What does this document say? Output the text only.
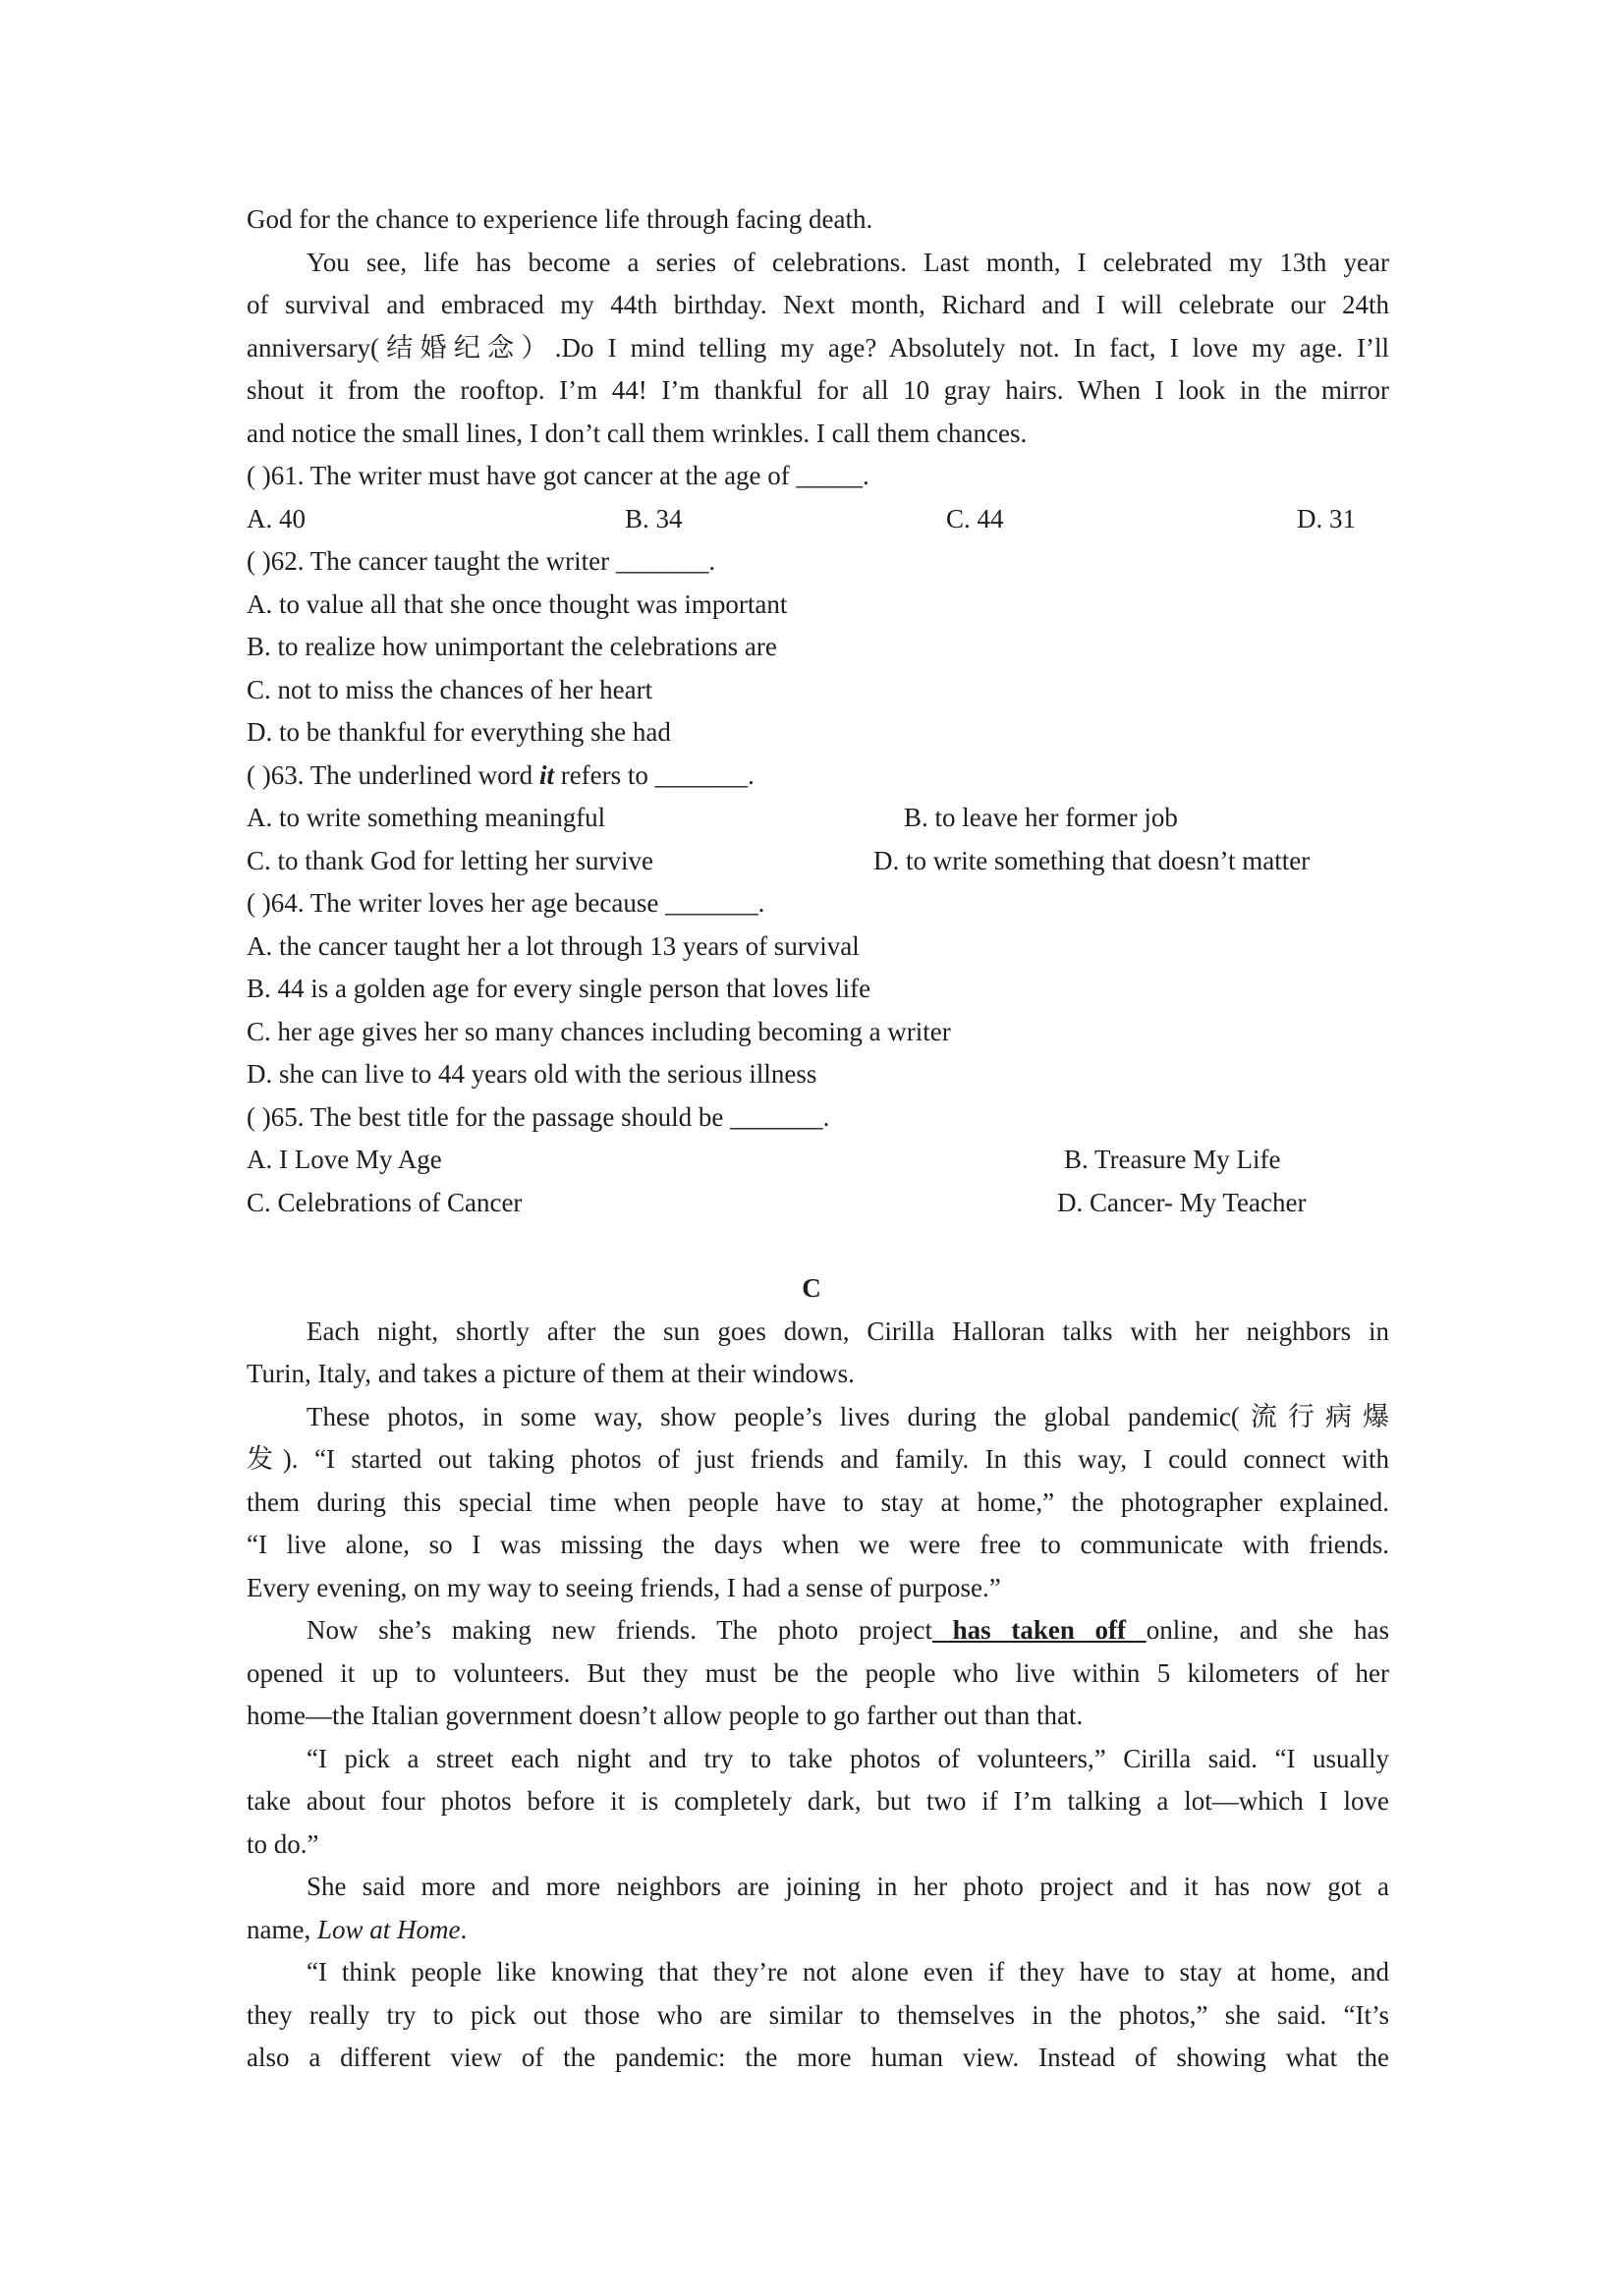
God for the chance to experience life through facing death.
You see, life has become a series of celebrations. Last month, I celebrated my 13th year
of survival and embraced my 44th birthday. Next month, Richard and I will celebrate our 24th
anniversary(结婚纪念）.Do I mind telling my age? Absolutely not. In fact, I love my age. I’ll
shout it from the rooftop. I’m 44! I’m thankful for all 10 gray hairs. When I look in the mirror
and notice the small lines, I don’t call them wrinkles. I call them chances.
( )61. The writer must have got cancer at the age of _____.
A. 40	B. 34	C. 44	D. 31
( )62. The cancer taught the writer _______.
A. to value all that she once thought was important
B. to realize how unimportant the celebrations are
C. not to miss the chances of her heart
D. to be thankful for everything she had
( )63. The underlined word it refers to _______.
A. to write something meaningful	B. to leave her former job
C. to thank God for letting her survive	D. to write something that doesn’t matter
( )64. The writer loves her age because _______.
A. the cancer taught her a lot through 13 years of survival
B. 44 is a golden age for every single person that loves life
C. her age gives her so many chances including becoming a writer
D. she can live to 44 years old with the serious illness
( )65. The best title for the passage should be _______.
A. I Love My Age	B. Treasure My Life
C. Celebrations of Cancer	D. Cancer- My Teacher
C
Each night, shortly after the sun goes down, Cirilla Halloran talks with her neighbors in
Turin, Italy, and takes a picture of them at their windows.
These photos, in some way, show people’s lives during the global pandemic(流行病爆
发). “I started out taking photos of just friends and family. In this way, I could connect with
them during this special time when people have to stay at home,” the photographer explained.
“I live alone, so I was missing the days when we were free to communicate with friends.
Every evening, on my way to seeing friends, I had a sense of purpose.”
Now she’s making new friends. The photo project has taken off online, and she has
opened it up to volunteers. But they must be the people who live within 5 kilometers of her
home—the Italian government doesn’t allow people to go farther out than that.
“I pick a street each night and try to take photos of volunteers,” Cirilla said. “I usually
take about four photos before it is completely dark, but two if I’m talking a lot—which I love
to do.”
She said more and more neighbors are joining in her photo project and it has now got a
name, Low at Home.
“I think people like knowing that they’re not alone even if they have to stay at home, and
they really try to pick out those who are similar to themselves in the photos,” she said. “It’s
also a different view of the pandemic: the more human view. Instead of showing what the
